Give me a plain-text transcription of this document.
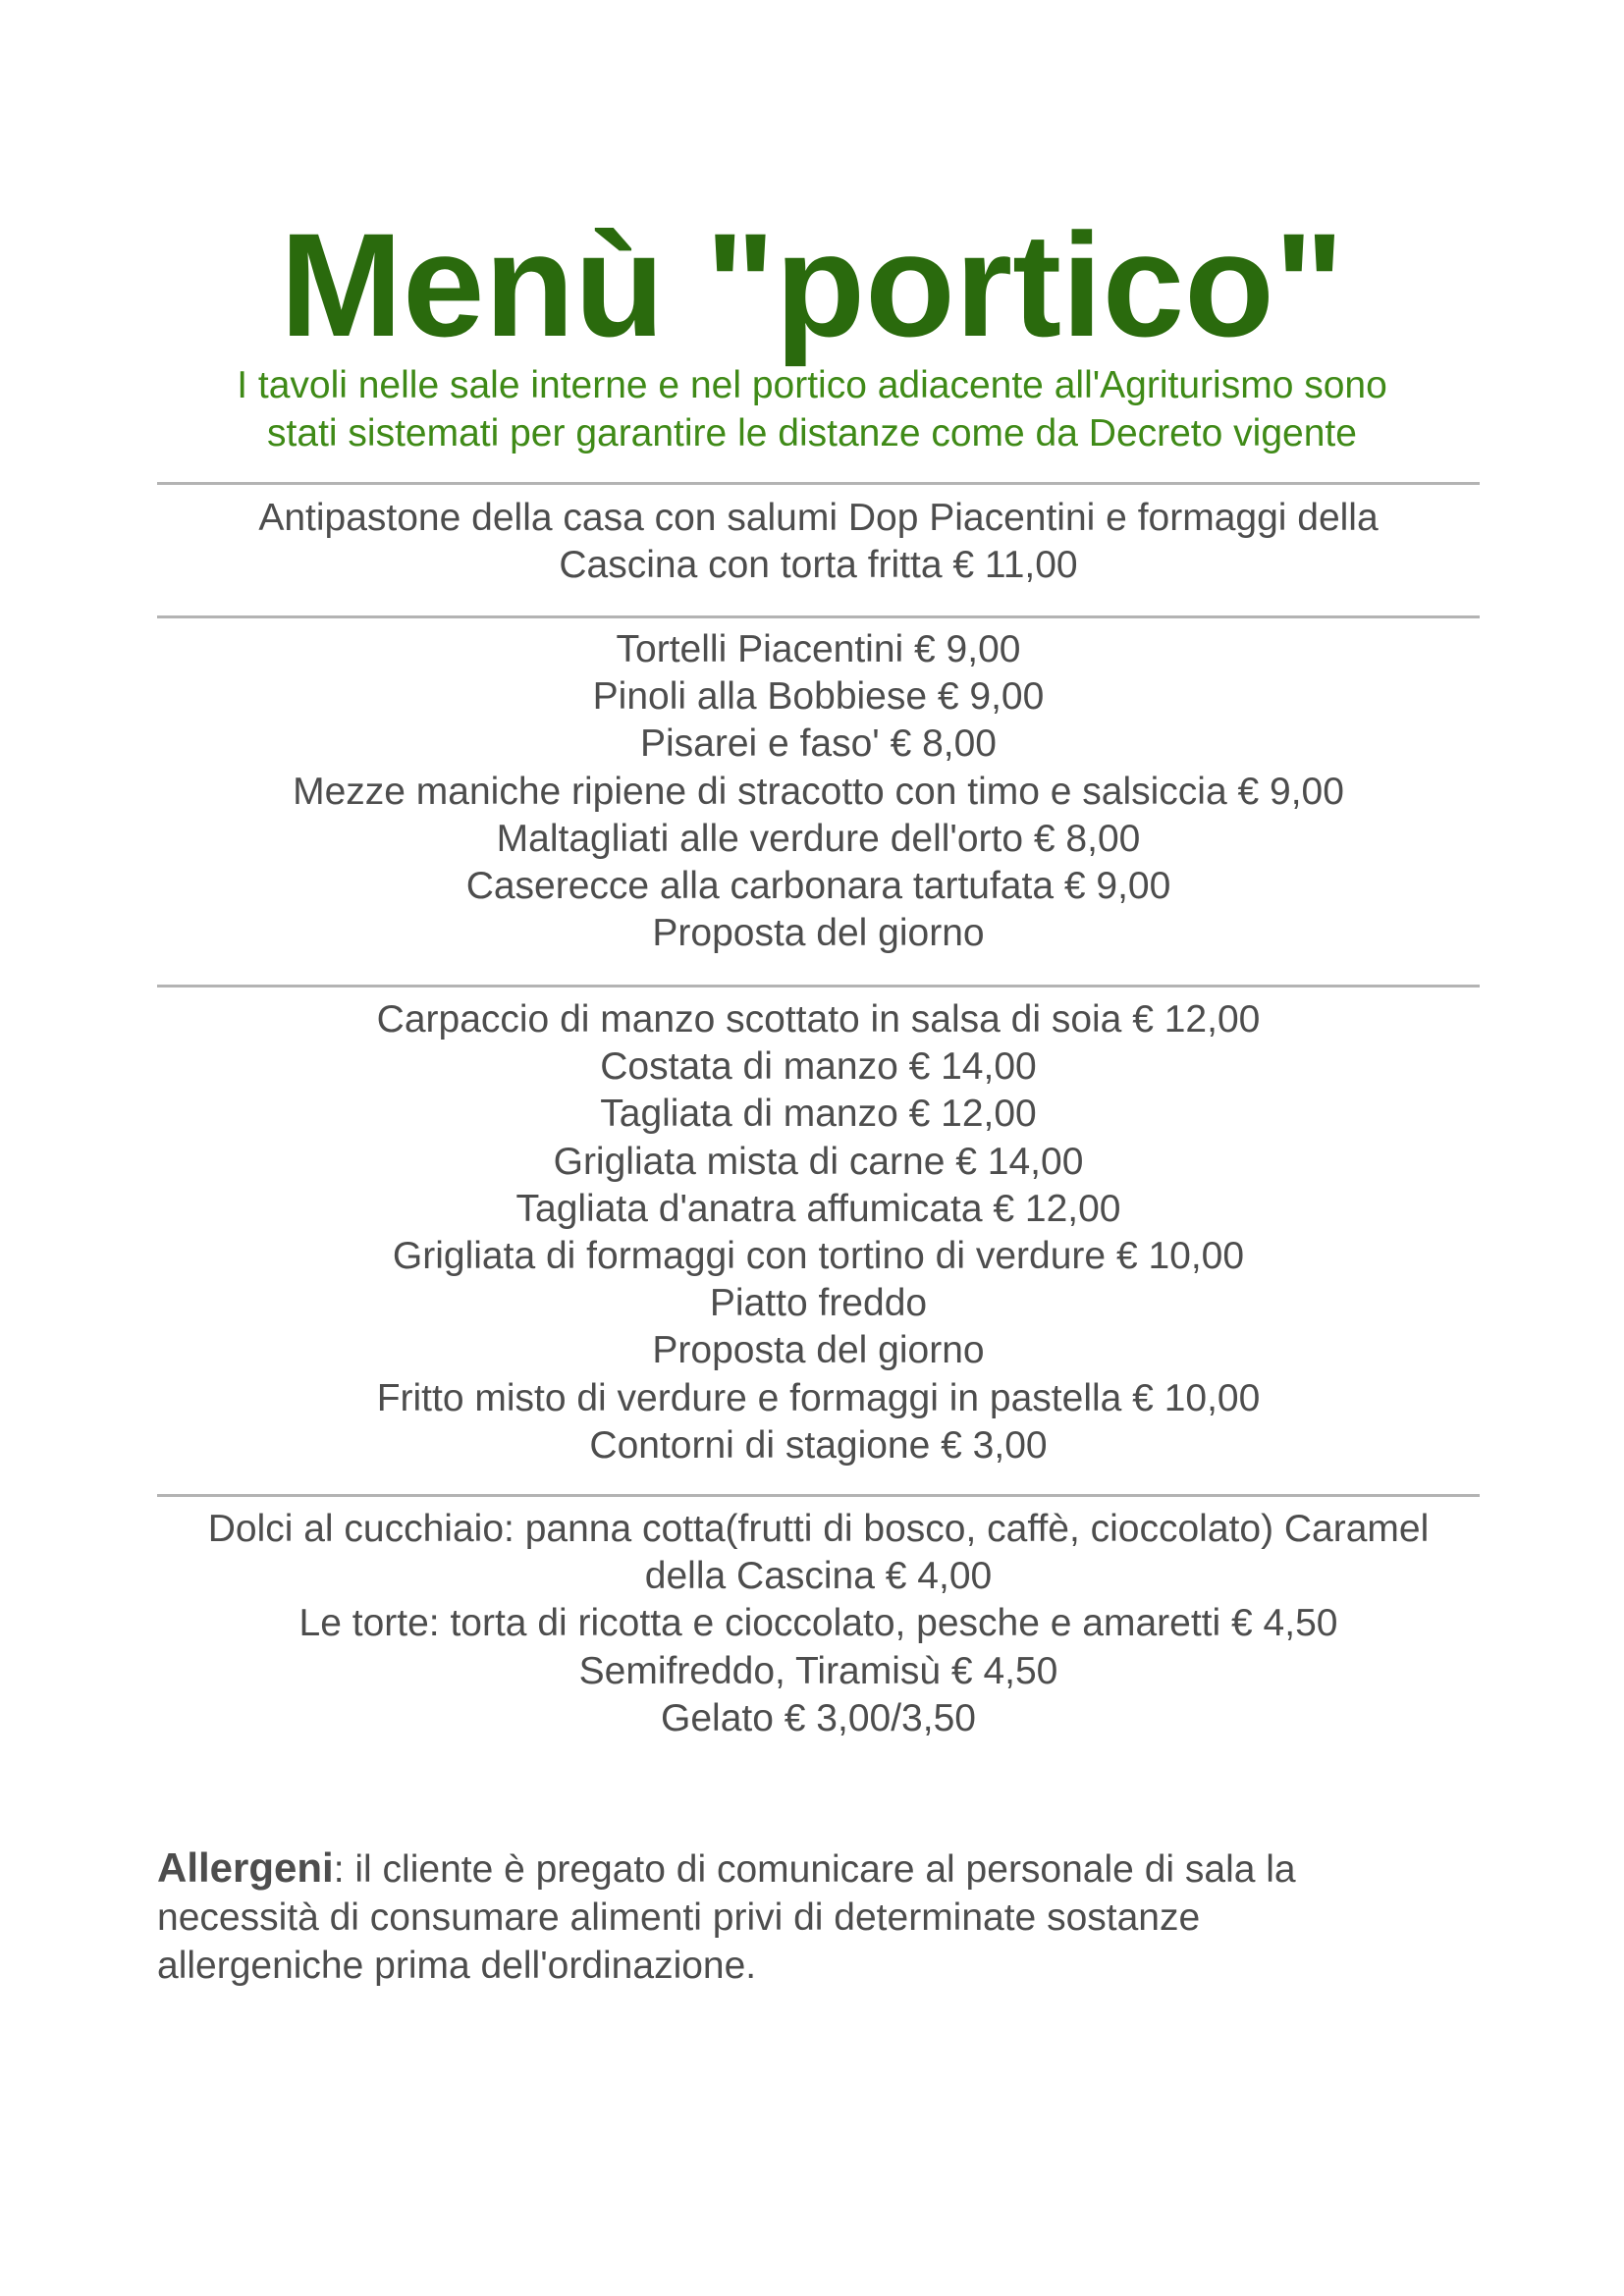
Menù "portico"
I tavoli nelle sale interne e nel portico adiacente all'Agriturismo sono
stati sistemati per garantire le distanze come da Decreto vigente
Antipastone della casa con salumi Dop Piacentini e formaggi della
Cascina con torta fritta € 11,00
Tortelli Piacentini € 9,00
Pinoli alla Bobbiese € 9,00
Pisarei e faso' € 8,00
Mezze maniche ripiene di stracotto con timo e salsiccia € 9,00
Maltagliati alle verdure dell'orto € 8,00
Caserecce alla carbonara tartufata € 9,00
Proposta del giorno
Carpaccio di manzo scottato in salsa di soia € 12,00
Costata di manzo € 14,00
Tagliata di manzo € 12,00
Grigliata mista di carne € 14,00
Tagliata d'anatra affumicata € 12,00
Grigliata di formaggi con tortino di verdure € 10,00
Piatto freddo
Proposta del giorno
Fritto misto di verdure e formaggi in pastella € 10,00
Contorni di stagione € 3,00
Dolci al cucchiaio: panna cotta(frutti di bosco, caffè, cioccolato) Caramel
della Cascina € 4,00
Le torte: torta di ricotta e cioccolato, pesche e amaretti € 4,50
Semifreddo, Tiramisù € 4,50
Gelato € 3,00/3,50
Allergeni: il cliente è pregato di comunicare al personale di sala la
necessità di consumare alimenti privi di determinate sostanze
allergeniche prima dell'ordinazione.
